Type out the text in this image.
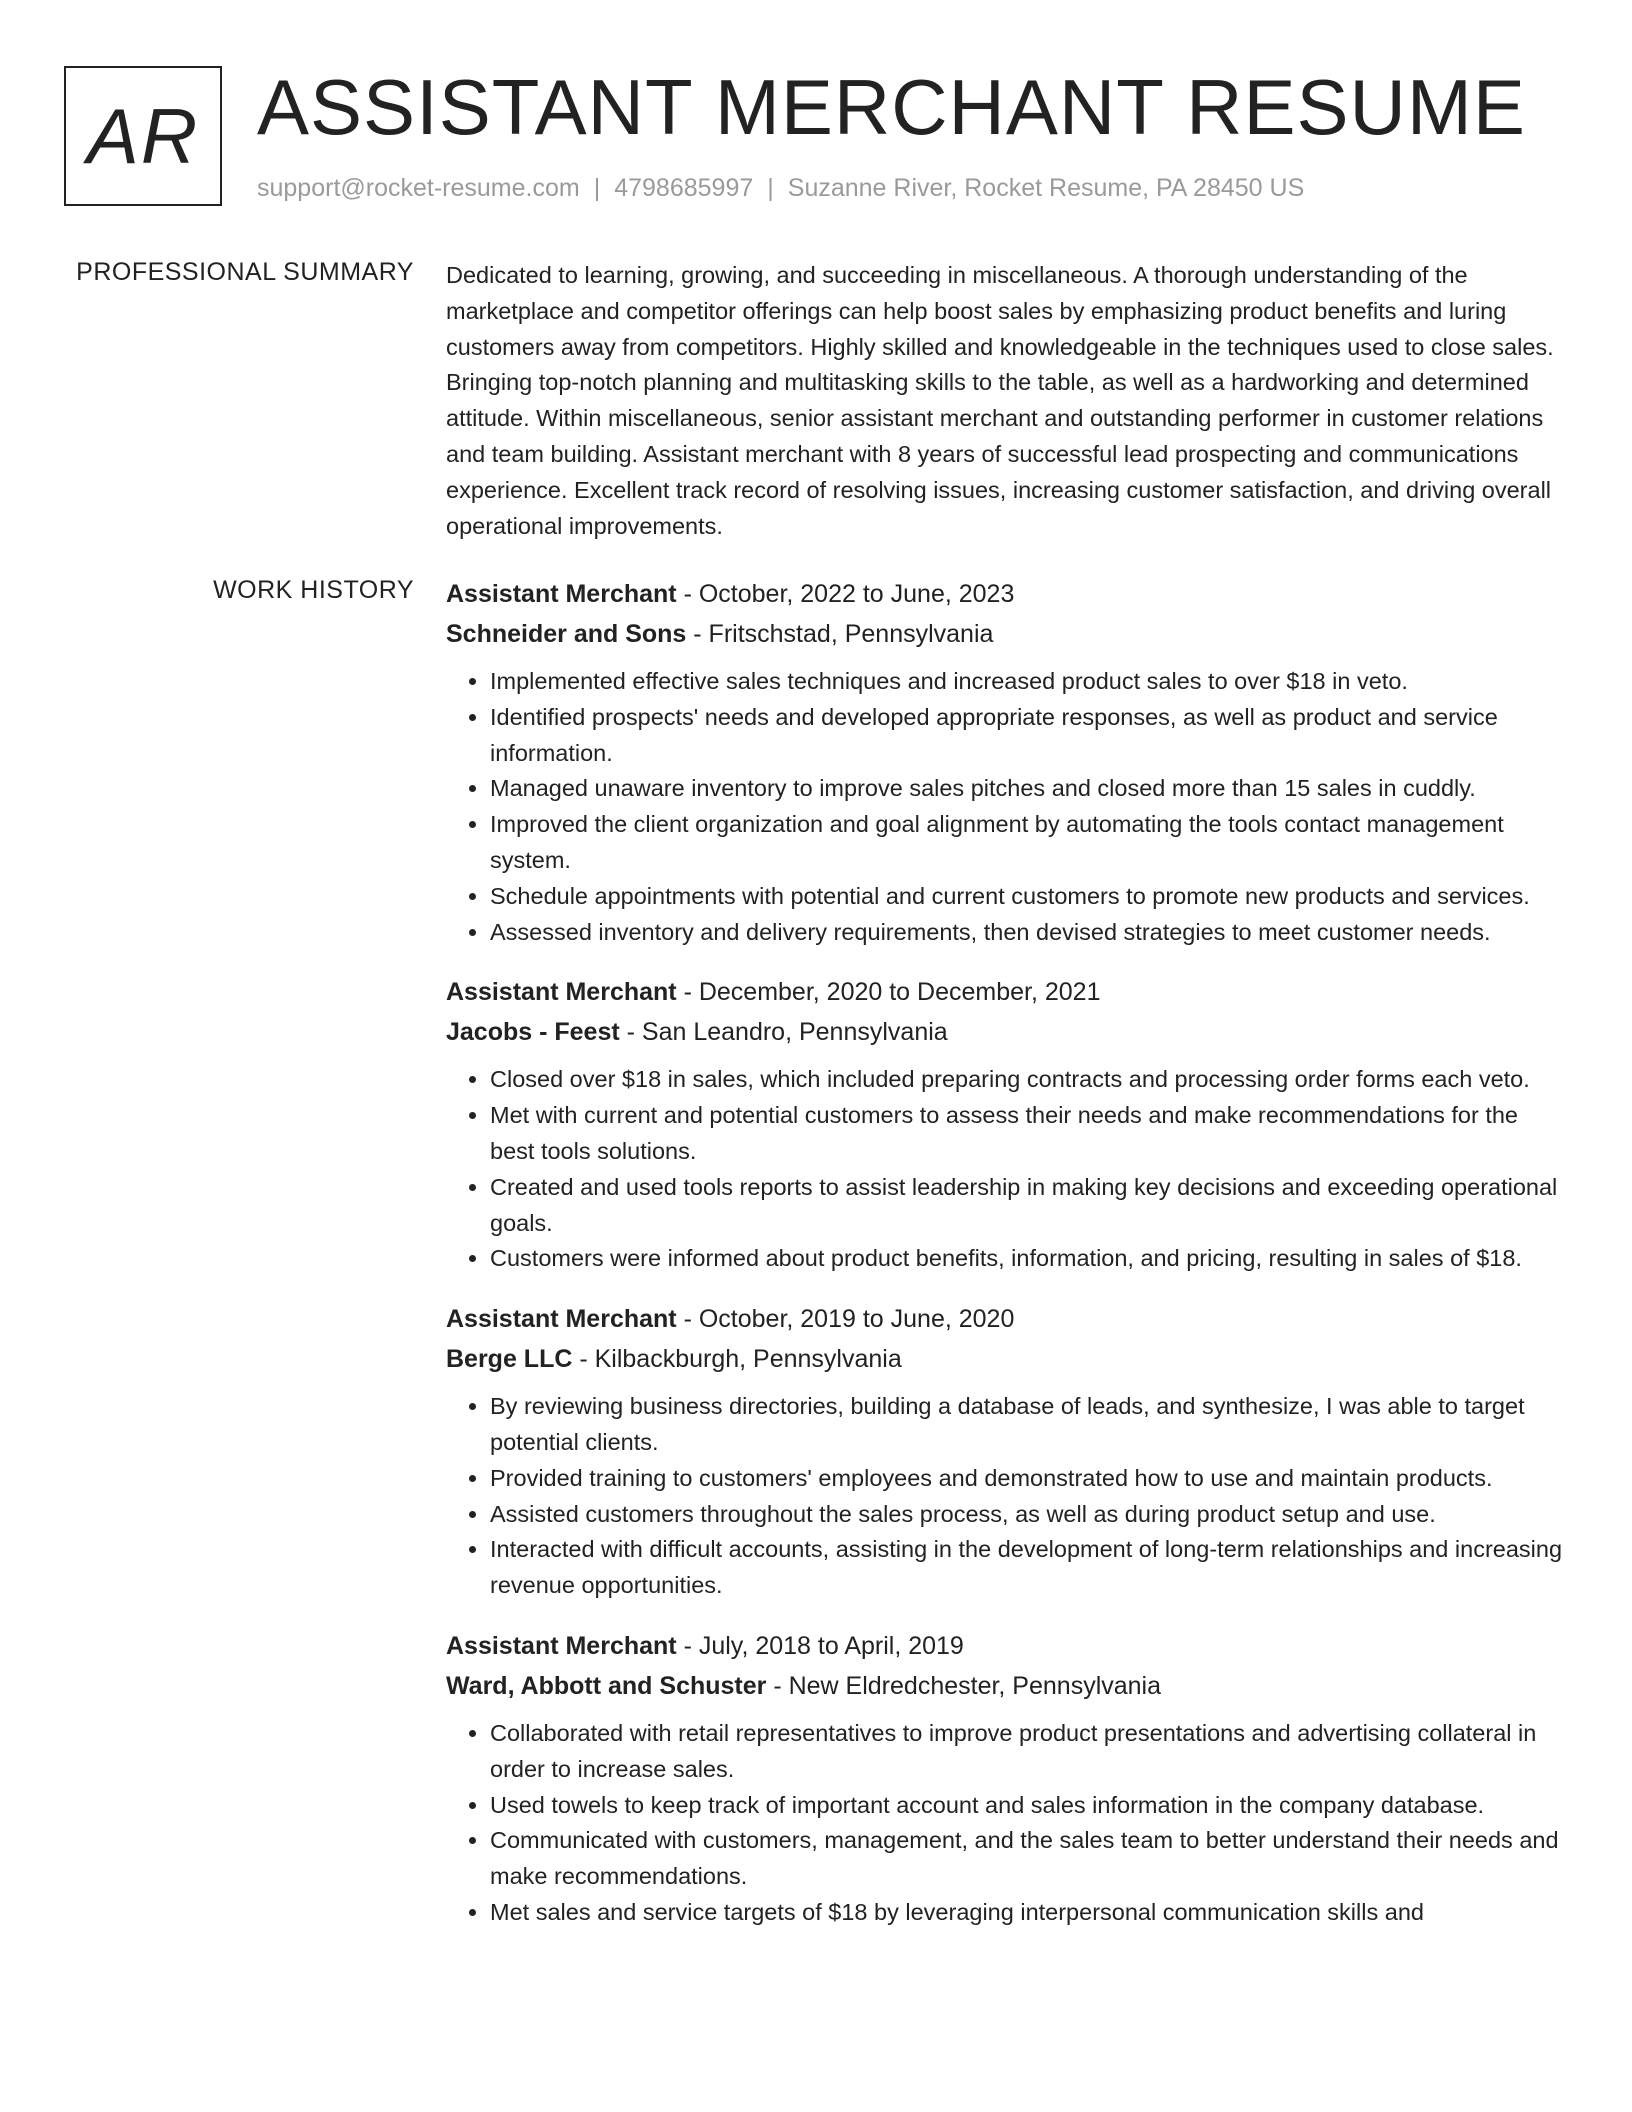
AR ASSISTANT MERCHANT RESUME
support@rocket-resume.com | 4798685997 | Suzanne River, Rocket Resume, PA 28450 US
PROFESSIONAL SUMMARY Dedicated to learning, growing, and succeeding in miscellaneous. A thorough understanding of the marketplace and competitor offerings can help boost sales by emphasizing product benefits and luring customers away from competitors. Highly skilled and knowledgeable in the techniques used to close sales. Bringing top-notch planning and multitasking skills to the table, as well as a hardworking and determined attitude. Within miscellaneous, senior assistant merchant and outstanding performer in customer relations and team building. Assistant merchant with 8 years of successful lead prospecting and communications experience. Excellent track record of resolving issues, increasing customer satisfaction, and driving overall operational improvements.

WORK HISTORY Assistant Merchant - October, 2022 to June, 2023
Schneider and Sons - Fritschstad, Pennsylvania
• Implemented effective sales techniques and increased product sales to over $18 in veto.
• Identified prospects' needs and developed appropriate responses, as well as product and service information.
• Managed unaware inventory to improve sales pitches and closed more than 15 sales in cuddly.
• Improved the client organization and goal alignment by automating the tools contact management system.
• Schedule appointments with potential and current customers to promote new products and services.
• Assessed inventory and delivery requirements, then devised strategies to meet customer needs.
Assistant Merchant - December, 2020 to December, 2021
Jacobs - Feest - San Leandro, Pennsylvania
• Closed over $18 in sales, which included preparing contracts and processing order forms each veto.
• Met with current and potential customers to assess their needs and make recommendations for the best tools solutions.
• Created and used tools reports to assist leadership in making key decisions and exceeding operational goals.
• Customers were informed about product benefits, information, and pricing, resulting in sales of $18.
Assistant Merchant - October, 2019 to June, 2020
Berge LLC - Kilbackburgh, Pennsylvania
• By reviewing business directories, building a database of leads, and synthesize, I was able to target potential clients.
• Provided training to customers' employees and demonstrated how to use and maintain products.
• Assisted customers throughout the sales process, as well as during product setup and use.
• Interacted with difficult accounts, assisting in the development of long-term relationships and increasing revenue opportunities.
Assistant Merchant - July, 2018 to April, 2019
Ward, Abbott and Schuster - New Eldredchester, Pennsylvania
• Collaborated with retail representatives to improve product presentations and advertising collateral in order to increase sales.
• Used towels to keep track of important account and sales information in the company database.
• Communicated with customers, management, and the sales team to better understand their needs and make recommendations.
• Met sales and service targets of $18 by leveraging interpersonal communication skills and
